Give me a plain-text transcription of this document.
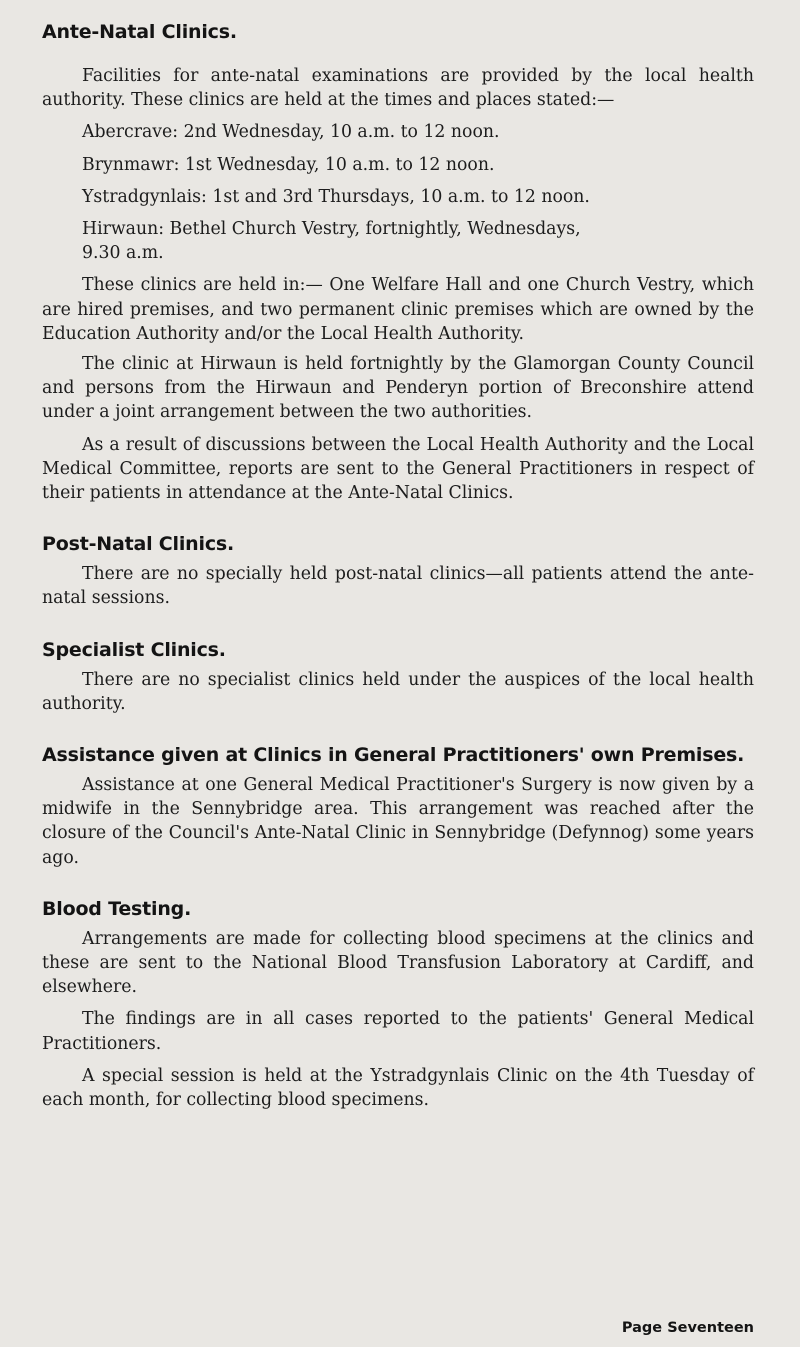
Ante-Natal Clinics.

Facilities for ante-natal examinations are provided by the local health authority. These clinics are held at the times and places stated:—

Abercrave: 2nd Wednesday, 10 a.m. to 12 noon.
Brynmawr: 1st Wednesday, 10 a.m. to 12 noon.
Ystradgynlais: 1st and 3rd Thursdays, 10 a.m. to 12 noon.
Hirwaun: Bethel Church Vestry, fortnightly, Wednesdays,
9.30 a.m.

These clinics are held in:— One Welfare Hall and one Church Vestry, which are hired premises, and two permanent clinic premises which are owned by the Education Authority and/or the Local Health Authority.

The clinic at Hirwaun is held fortnightly by the Glamorgan County Council and persons from the Hirwaun and Penderyn portion of Breconshire attend under a joint arrangement between the two authorities.

As a result of discussions between the Local Health Authority and the Local Medical Committee, reports are sent to the General Practitioners in respect of their patients in attendance at the Ante-Natal Clinics.

Post-Natal Clinics.

There are no specially held post-natal clinics—all patients attend the ante-natal sessions.

Specialist Clinics.

There are no specialist clinics held under the auspices of the local health authority.

Assistance given at Clinics in General Practitioners' own Premises.

Assistance at one General Medical Practitioner's Surgery is now given by a midwife in the Sennybridge area. This arrangement was reached after the closure of the Council's Ante-Natal Clinic in Sennybridge (Defynnog) some years ago.

Blood Testing.

Arrangements are made for collecting blood specimens at the clinics and these are sent to the National Blood Transfusion Laboratory at Cardiff, and elsewhere.

The findings are in all cases reported to the patients' General Medical Practitioners.

A special session is held at the Ystradgynlais Clinic on the 4th Tuesday of each month, for collecting blood specimens.

Page Seventeen
